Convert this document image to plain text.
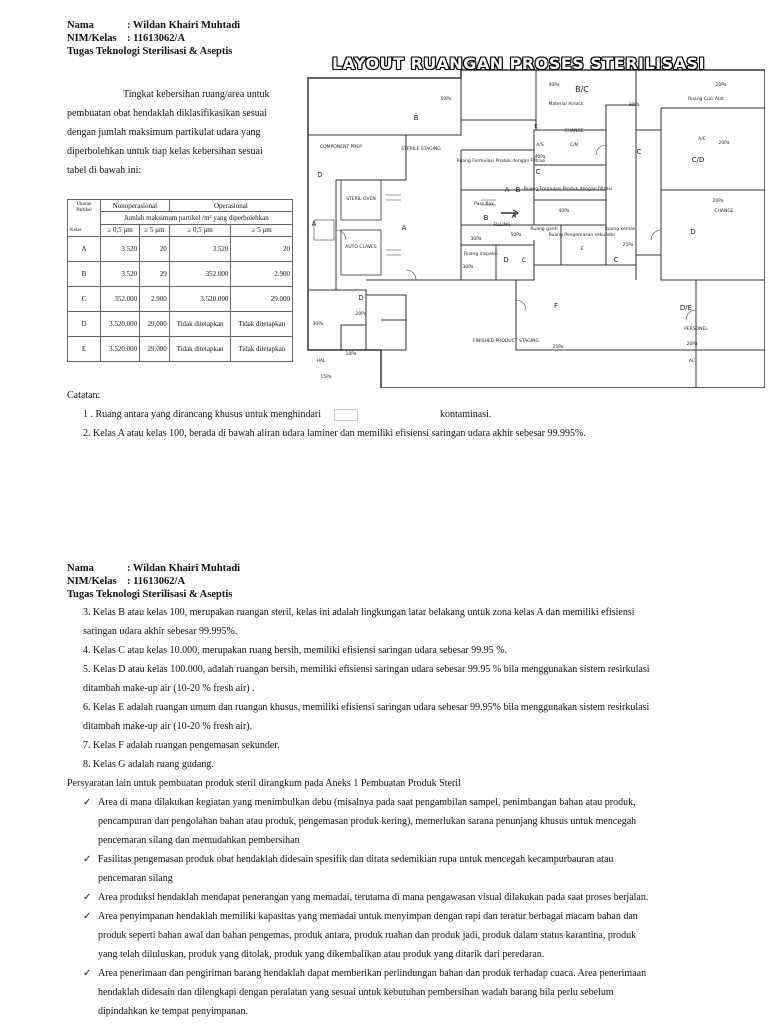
Nama	: Wildan Khairi Muhtadi
NIM/Kelas : 11613062/A
Tugas Teknologi Sterilisasi & Aseptis
Tingkat kebersihan ruang/area untuk
pembuatan obat hendaklah diklasifikasikan sesuai
dengan jumlah maksimum partikulat udara yang
diperbolehkan untuk tiap kelas kebersihan sesuai
tabel di bawah ini:
Ukuran Partikel
Kelas	Nonoperasional		Operasional	
	Jumlah maksimum partikel /m³ yang diperbolehkan			
	≥ 0,5 μm	≥ 5 μm	≥ 0,5 μm	≥ 5 μm
A	3.520	20	3.520	20
B	3.520	29	352.000	2.900
C	352.000	2.900	3.520.000	29.000
D	3.520.000	29.000	Tidak ditetapkan	Tidak ditetapkan
E	3.520.000	29.000	Tidak ditetapkan	Tidak ditetapkan
40Pa B/C	20Pa
Ruang Cuci Alat
50Pa
Material Airlock	30Pa
B
E
CHANGE
COMPONENT PREP	STERILE STAGING
A/S	C/N
40Pa
C
20Pa
A/C
C/D
D
Ruang Formulasi Produk dengan Filtrasi
C
STERIL OVEN
A B Ruang Formulasi Produk dengan filtrasi
40Pa
20Pa
CHANGE
A	A
B
FILLING
A
Pass Box
Ruang Pengemasan sekunder
Ruang ganti	Ruang kemas	D
AUTO CLAVES
50Pa
30Pa
25Pa
E
Ruang inspeksi
D C
30Pa
C
D
F	D/E
20Pa
PERSONEL
30Pa
20Pa
FINISHED PRODUCT STAGING
25Pa
10Pa
HAL
15Pa
AC
LAYOUT RUANGAN PROSES STERILISASI
Catatan:
1 . Ruang antara yang dirancang khusus untuk menghindari	kontaminasi.
2. Kelas A atau kelas 100, berada di bawah aliran udara laminer dan memiliki efisiensi saringan udara akhir sebesar 99.995%.
Nama	: Wildan Khairi Muhtadi
NIM/Kelas : 11613062/A
Tugas Teknologi Sterilisasi & Aseptis
3. Kelas B atau kelas 100, merupakan ruangan steril, kelas ini adalah lingkungan latar belakang untuk zona kelas A dan memiliki efisiensi
saringan udara akhir sebesar 99.995%.
4. Kelas C atau kelas 10.000, merupakan ruang bersih, memiliki efisiensi saringan udara sebesar 99.95 %.
5. Kelas D atau kelas 100.000, adalah ruangan bersih, memiliki efisiensi saringan udara sebesar 99.95 % bila menggunakan sistem resirkulasi
ditambah make-up air (10-20 % fresh air) .
6. Kelas E adalah ruangan umum dan ruangan khusus, memiliki efisiensi saringan udara sebesar 99.95% bila menggunakan sistem resirkulasi
ditambah make-up air (10-20 % fresh air).
7. Kelas F adalah ruangan pengemasan sekunder.
8. Kelas G adalah ruang gudang.
Persyaratan lain untuk pembuatan produk steril dirangkum pada Aneks 1 Pembuatan Produk Steril
✓ Area di mana dilakukan kegiatan yang menimbulkan debu (misalnya pada saat pengambilan sampel, penimbangan bahan atau produk,
pencampuran dan pengolahan bahan atau produk, pengemasan produk kering), memerlukan sarana penunjang khusus untuk mencegah
pencemaran silang dan memudahkan pembersihan
✓ Fasilitas pengemasan produk obat hendaklah didesain spesifik dan ditata sedemikian rupa untuk mencegah kecampurbauran atau
pencemaran silang
✓ Area produksi hendaklah mendapat penerangan yang memadai, terutama di mana pengawasan visual dilakukan pada saat proses berjalan.
✓ Area penyimpanan hendaklah memiliki kapasitas yang memadai untuk menyimpan dengan rapi dan teratur berbagai macam bahan dan
produk seperti bahan awal dan bahan pengemas, produk antara, produk ruahan dan produk jadi, produk dalam status karantina, produk
yang telah diluluskan, produk yang ditolak, produk yang dikembalikan atau produk yang ditarik dari peredaran.
✓ Area penerimaan dan pengiriman barang hendaklah dapat memberikan perlindungan bahan dan produk terhadap cuaca. Area penerimaan
hendaklah didesain dan dilengkapi dengan peralatan yang sesuai untuk kebutuhan pembersihan wadah barang bila perlu sebelum
dipindahkan ke tempat penyimpanan.
